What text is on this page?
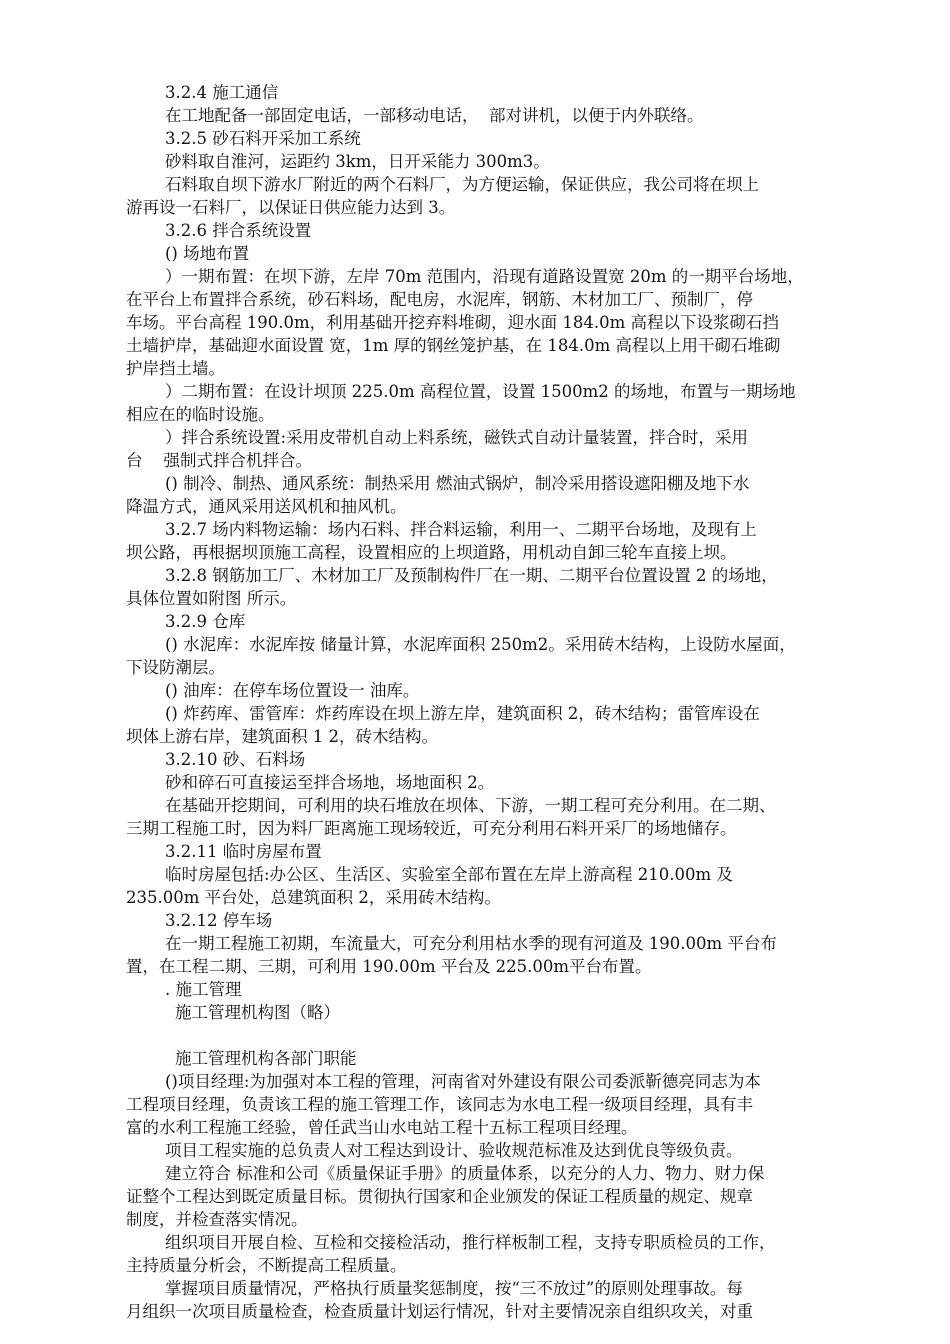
3.2.4 施工通信

在工地配备一部固定电话，一部移动电话，  部对讲机，以便于内外联络。

3.2.5 砂石料开采加工系统

砂料取自淮河，运距约 3km，日开采能力 300m3。

石料取自坝下游水厂附近的两个石料厂，为方便运输，保证供应，我公司将在坝上

游再设一石料厂，以保证日供应能力达到 3。

3.2.6 拌合系统设置

() 场地布置

）一期布置：在坝下游，左岸 70m 范围内，沿现有道路设置宽 20m 的一期平台场地，

在平台上布置拌合系统，砂石料场，配电房，水泥库，钢筋、木材加工厂、预制厂，停

车场。平台高程 190.0m，利用基础开挖弃料堆砌，迎水面 184.0m 高程以下设浆砌石挡

土墙护岸，基础迎水面设置 宽，1m 厚的钢丝笼护基，在 184.0m 高程以上用干砌石堆砌

护岸挡土墙。

）二期布置：在设计坝顶 225.0m 高程位置，设置 1500m2 的场地，布置与一期场地

相应在的临时设施。

）拌合系统设置:采用皮带机自动上料系统，磁铁式自动计量装置，拌合时，采用

台    强制式拌合机拌合。

() 制冷、制热、通风系统：制热采用 燃油式锅炉，制冷采用搭设遮阳棚及地下水

降温方式，通风采用送风机和抽风机。

3.2.7 场内料物运输：场内石料、拌合料运输，利用一、二期平台场地，及现有上

坝公路，再根据坝顶施工高程，设置相应的上坝道路，用机动自卸三轮车直接上坝。

3.2.8 钢筋加工厂、木材加工厂及预制构件厂在一期、二期平台位置设置 2 的场地，

具体位置如附图 所示。

3.2.9 仓库

() 水泥库：水泥库按 储量计算，水泥库面积 250m2。采用砖木结构，上设防水屋面，

下设防潮层。

() 油库：在停车场位置设一 油库。

() 炸药库、雷管库：炸药库设在坝上游左岸，建筑面积 2，砖木结构；雷管库设在

坝体上游右岸，建筑面积 1 2，砖木结构。

3.2.10 砂、石料场

砂和碎石可直接运至拌合场地，场地面积 2。

在基础开挖期间，可利用的块石堆放在坝体、下游，一期工程可充分利用。在二期、

三期工程施工时，因为料厂距离施工现场较近，可充分利用石料开采厂的场地储存。

3.2.11 临时房屋布置

临时房屋包括:办公区、生活区、实验室全部布置在左岸上游高程 210.00m 及

235.00m 平台处，总建筑面积 2，采用砖木结构。

3.2.12 停车场

在一期工程施工初期，车流量大，可充分利用枯水季的现有河道及 190.00m 平台布

置，在工程二期、三期，可利用 190.00m 平台及 225.00m平台布置。

. 施工管理

施工管理机构图（略）

施工管理机构各部门职能

()项目经理:为加强对本工程的管理，河南省对外建设有限公司委派靳德亮同志为本

工程项目经理，负责该工程的施工管理工作，该同志为水电工程一级项目经理，具有丰

富的水利工程施工经验，曾任武当山水电站工程十五标工程项目经理。

项目工程实施的总负责人对工程达到设计、验收规范标准及达到优良等级负责。

建立符合 标准和公司《质量保证手册》的质量体系，以充分的人力、物力、财力保

证整个工程达到既定质量目标。贯彻执行国家和企业颁发的保证工程质量的规定、规章

制度，并检查落实情况。

组织项目开展自检、互检和交接检活动，推行样板制工程，支持专职质检员的工作，

主持质量分析会，不断提高工程质量。

掌握项目质量情况，严格执行质量奖惩制度，按“三不放过”的原则处理事故。每

月组织一次项目质量检查，检查质量计划运行情况，针对主要情况亲自组织攻关，对重
